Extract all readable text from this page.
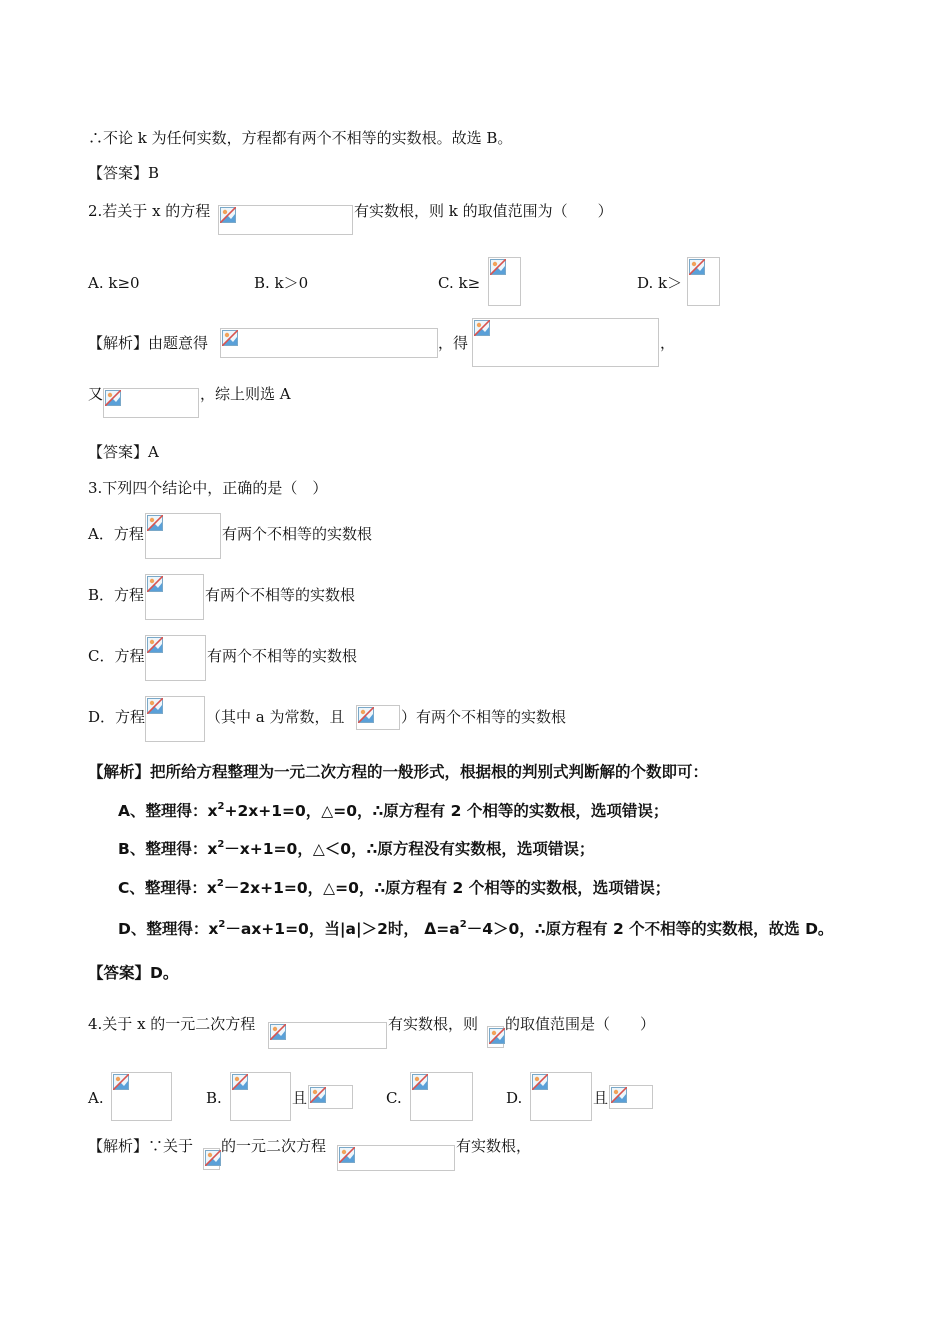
∴不论 k 为任何实数，方程都有两个不相等的实数根。故选 B。
【答案】B
2.若关于 x 的方程	有实数根，则 k 的取值范围为（　　）
A. k≥0	B. k＞0	C. k≥	D. k＞
【解析】由题意得	，得	，
又	，综上则选 A
【答案】A
3.下列四个结论中，正确的是（　）
A．方程	有两个不相等的实数根
B．方程	有两个不相等的实数根
C．方程	有两个不相等的实数根
D．方程	（其中 a 为常数，且	）有两个不相等的实数根
【解析】把所给方程整理为一元二次方程的一般形式，根据根的判别式判断解的个数即可：
A、整理得：$x^2+2x+1=0$，△=0，∴原方程有 2 个相等的实数根，选项错误；
B、整理得：$x^2-x+1=0$，△＜0，∴原方程没有实数根，选项错误；
C、整理得：$x^2-2x+1=0$，△=0，∴原方程有 2 个相等的实数根，选项错误；
D、整理得：$x^2-ax+1=0$，当|a|＞2时， $\Delta=a^2-4>0$，∴原方程有 2 个不相等的实数根，故选 D。
【答案】D。
4.关于 x 的一元二次方程	有实数根，则 的取值范围是（　　）
A.	B.	且	C.	D.	且
【解析】∵关于 的一元二次方程	有实数根，
